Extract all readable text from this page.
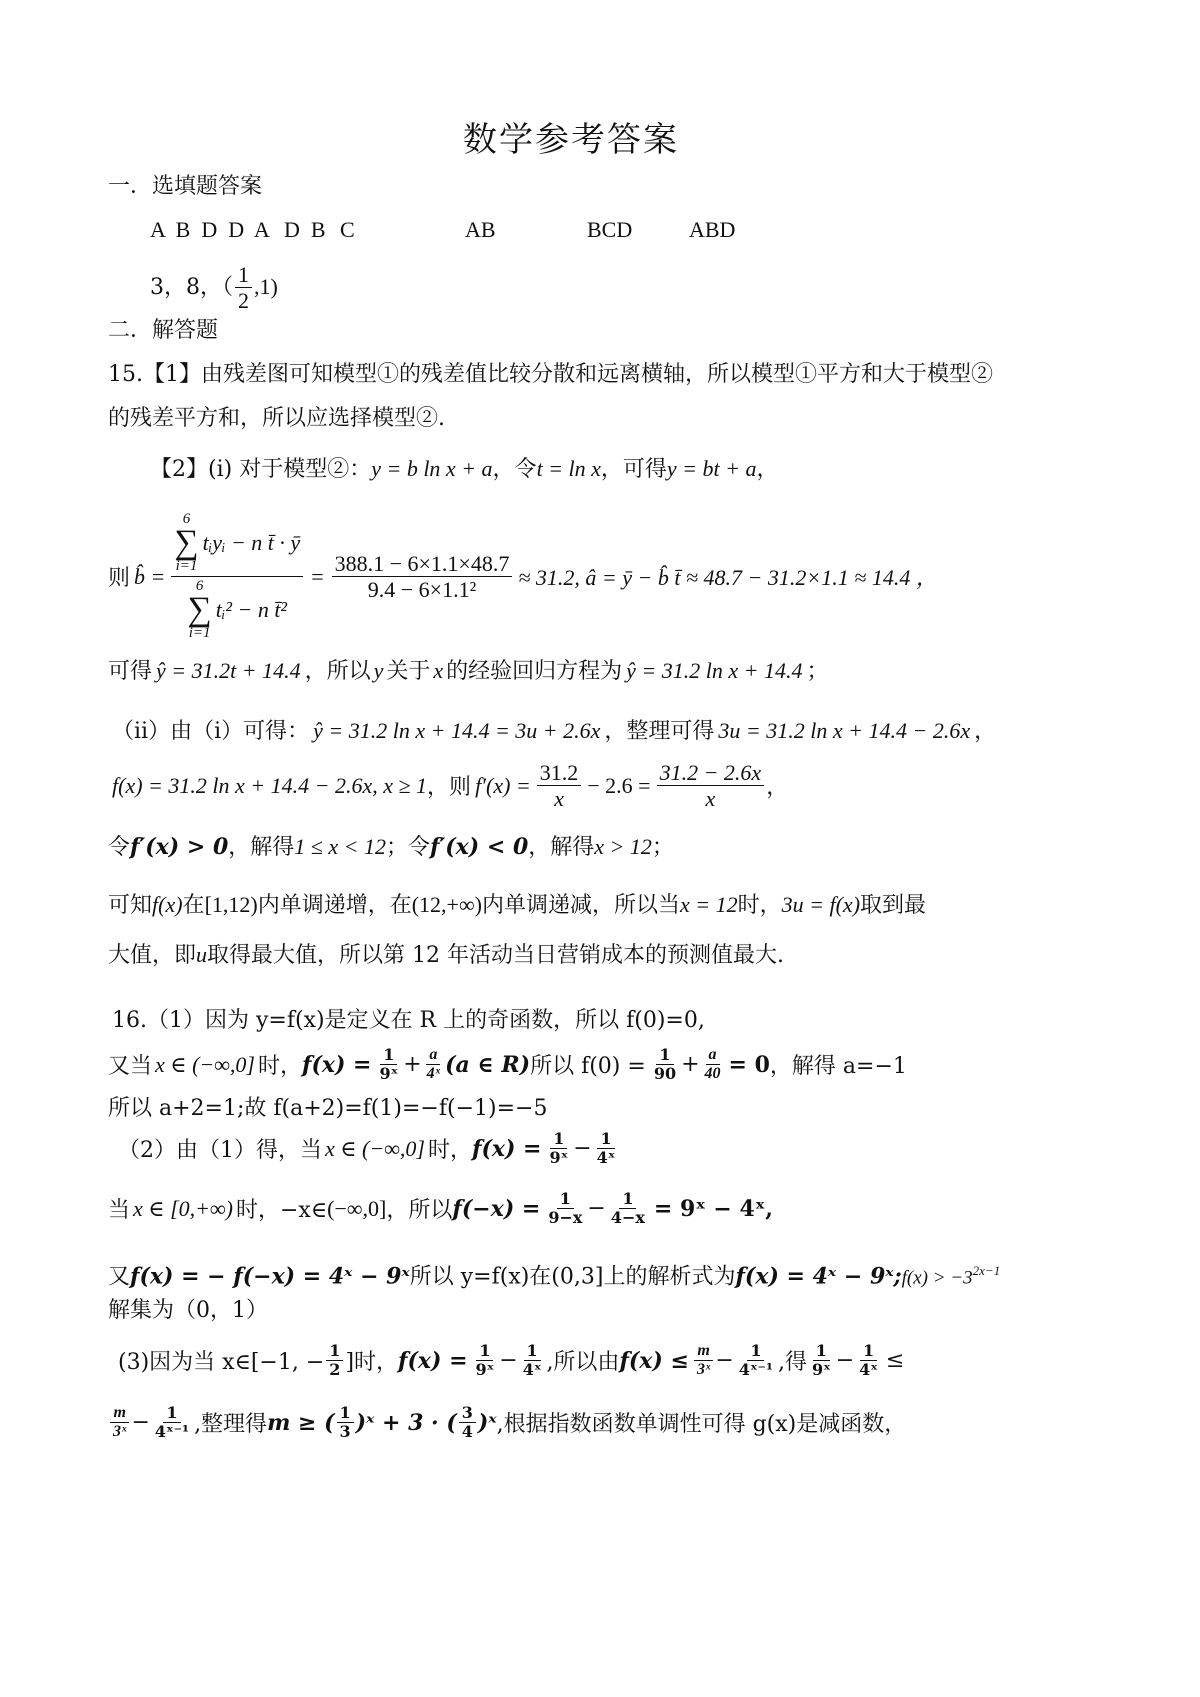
数学参考答案
一．选填题答案
A  B  D  D  A D  B C	AB	BCD	ABD
3，8，（ $\frac{1}{2} ,1$)
二．解答题
15.【1】由残差图可知模型①的残差值比较分散和远离横轴，所以模型①平方和大于模型②
的残差平方和，所以应选择模型②.
【2】(ⅰ) 对于模型②：y = b ln x + a，令t = ln x，可得y = bt + a，
则 b̂ = 6
∑
i=1
tᵢyᵢ − n t̄ · ȳ
6
∑
i=1
tᵢ² − n t̄² = $\frac{388.1 - 6\times 1.1\times 48.7}{\text{9.4 − 6×1.1²}} \approx 31.2$, â = ȳ − b̂ t̄ ≈ 48.7 − 31.2×1.1 ≈ 14.4 ，
可得 ŷ = 31.2t + 14.4 ，所以 y 关于 x 的经验回归方程为 ŷ = 31.2 ln x + 14.4 ；
（ⅱ）由（ⅰ）可得： ŷ = 31.2 ln x + 14.4 = 3u + 2.6x ，整理可得 3u = 31.2 ln x + 14.4 − 2.6x ，
f(x) = 31.2 ln x + 14.4 − 2.6x, x ≥ 1 ，则 $f'(x) = \frac{31.2}{x} - 2.6 = \frac{31.2 - 2.6x}{x}$ ，
令f′(x) > 0，解得1 ≤ x < 12；令f′(x) < 0，解得x > 12；
可知f(x)在[1,12)内单调递增，在(12,+∞)内单调递减，所以当x = 12时，3u = f(x)取到最
大值，即u取得最大值，所以第 12 年活动当日营销成本的预测值最大.
16.（1）因为 y=f(x)是定义在 R 上的奇函数，所以 f(0)=0,
又当 x ∈ (−∞,0] 时， $f(x) = \frac{1}{\text{9ˣ}} + \frac{a}{\text{4ˣ}} (a$ ∈ R) 所以 $f(0) = \frac{1}{90} + \frac{a}{40} = 0$ ，解得 a=−1
所以 a+2=1;故 f(a+2)=f(1)=−f(−1)=−5
（2）由（1）得，当 x ∈ (−∞,0] 时， $f(x) = \frac{1}{\text{9ˣ}} - \frac{1}{\text{4ˣ}}$
当 x ∈ [0,+∞) 时，−x∈ (−∞,0] ，所以 $f(-x) = \frac{1}{9-x} - \frac{1}{4-x}$ = 9ˣ − 4ˣ,
又f(x) = − f(−x) = 4ˣ − 9ˣ所以 y=f(x)在(0,3]上的解析式为f(x) = 4ˣ − 9ˣ;f(x) > $-3^{2x-1}$
解集为（0，1）
(3)因为当 x∈[−1, − $\frac{1}{2}$ ]时， $f(x) = \frac{1}{\text{9ˣ}} - \frac{1}{\text{4ˣ}}$ ,所以由 $f(x) \le \frac{m}{\text{3ˣ}} - \frac{1}{\text{4ˣ⁻¹}}$ ,得 $\frac{1}{\text{9ˣ}} - \frac{1}{\text{4ˣ}}$ ≤
$\frac{m}{\text{3ˣ}} - \frac{1}{\text{4ˣ⁻¹}}$ ,整理得 m ≥ ( $\frac{1}{3}$ )ˣ + 3 · ( $\frac{3}{4}$ )ˣ ,根据指数函数单调性可得 g(x)是减函数，
